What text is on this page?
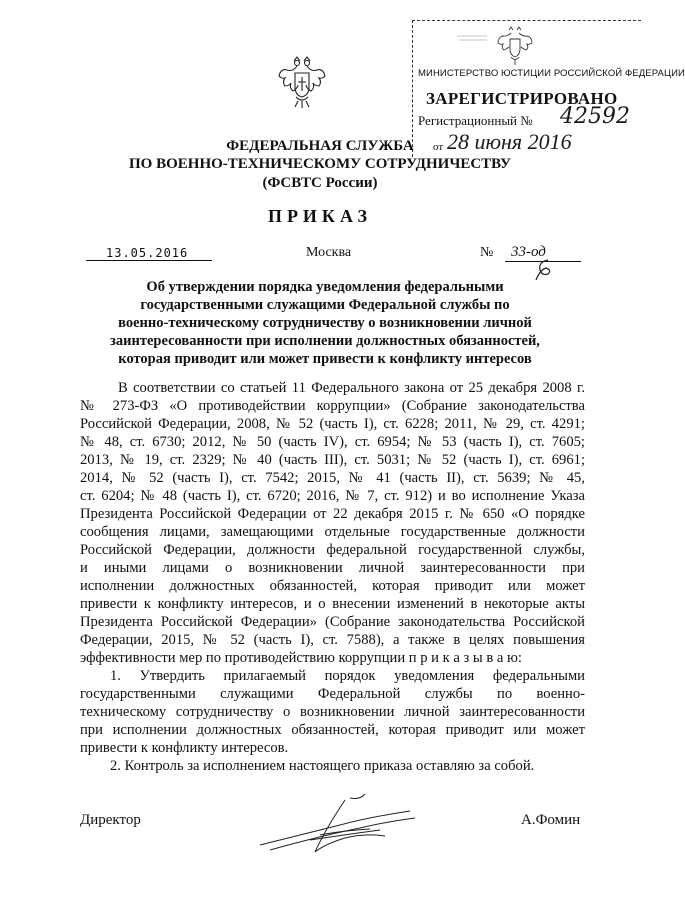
МИНИСТЕРСТВО ЮСТИЦИИ РОССИЙСКОЙ ФЕДЕРАЦИИ
ЗАРЕГИСТРИРОВАНО
Регистрационный № 42592
от 28 июня 2016
ФЕДЕРАЛЬНАЯ СЛУЖБА
ПО ВОЕННО-ТЕХНИЧЕСКОМУ СОТРУДНИЧЕСТВУ
(ФСВТС России)
ПРИКАЗ
13.05.2016	Москва	№	33-од
Об утверждении порядка уведомления федеральными
государственными служащими Федеральной службы по
военно-техническому сотрудничеству о возникновении личной
заинтересованности при исполнении должностных обязанностей,
которая приводит или может привести к конфликту интересов
В соответствии со статьей 11 Федерального закона от 25 декабря 2008 г.
№ 273-ФЗ «О противодействии коррупции» (Собрание законодательства
Российской Федерации, 2008, № 52 (часть I), ст. 6228; 2011, № 29, ст. 4291;
№ 48, ст. 6730; 2012, № 50 (часть IV), ст. 6954; № 53 (часть I), ст. 7605;
2013, № 19, ст. 2329; № 40 (часть III), ст. 5031; № 52 (часть I), ст. 6961;
2014, № 52 (часть I), ст. 7542; 2015, № 41 (часть II), ст. 5639; № 45,
ст. 6204; № 48 (часть I), ст. 6720; 2016, № 7, ст. 912) и во исполнение Указа
Президента Российской Федерации от 22 декабря 2015 г. № 650 «О порядке
сообщения лицами, замещающими отдельные государственные должности
Российской Федерации, должности федеральной государственной службы,
и иными лицами о возникновении личной заинтересованности при
исполнении должностных обязанностей, которая приводит или может
привести к конфликту интересов, и о внесении изменений в некоторые акты
Президента Российской Федерации» (Собрание законодательства Российской
Федерации, 2015, № 52 (часть I), ст. 7588), а также в целях повышения
эффективности мер по противодействию коррупции п р и к а з ы в а ю:
1. Утвердить прилагаемый порядок уведомления федеральными
государственными служащими Федеральной службы по военно-
техническому сотрудничеству о возникновении личной заинтересованности
при исполнении должностных обязанностей, которая приводит или может
привести к конфликту интересов.
2. Контроль за исполнением настоящего приказа оставляю за собой.
Директор	А.Фомин
